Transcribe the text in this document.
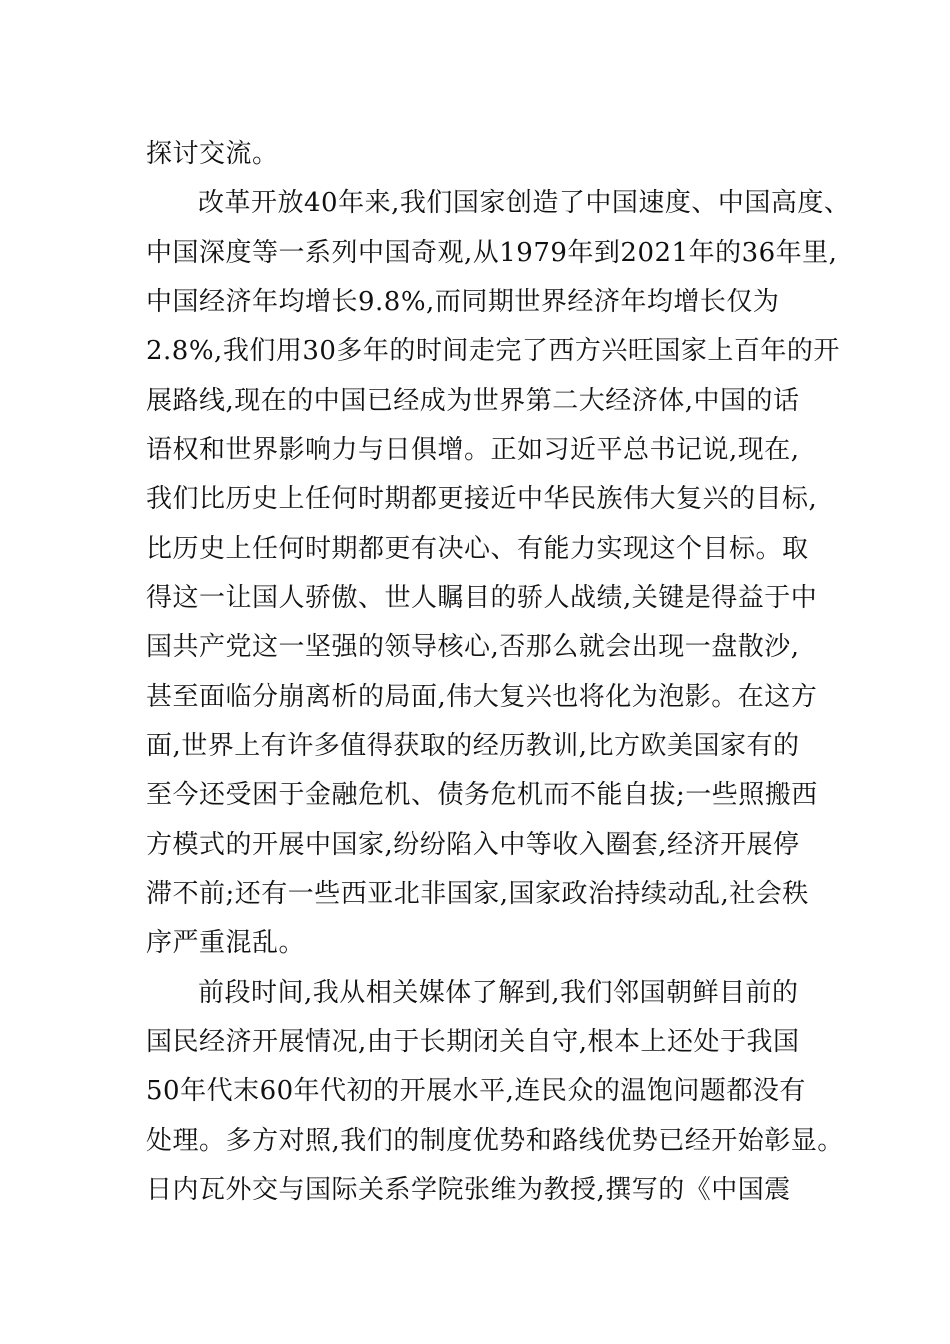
探讨交流。
改革开放40年来,我们国家创造了中国速度、中国高度、
中国深度等一系列中国奇观,从1979年到2021年的36年里,
中国经济年均增长9.8%,而同期世界经济年均增长仅为
2.8%,我们用30多年的时间走完了西方兴旺国家上百年的开
展路线,现在的中国已经成为世界第二大经济体,中国的话
语权和世界影响力与日俱增。正如习近平总书记说,现在,
我们比历史上任何时期都更接近中华民族伟大复兴的目标,
比历史上任何时期都更有决心、有能力实现这个目标。取
得这一让国人骄傲、世人瞩目的骄人战绩,关键是得益于中
国共产党这一坚强的领导核心,否那么就会出现一盘散沙,
甚至面临分崩离析的局面,伟大复兴也将化为泡影。在这方
面,世界上有许多值得获取的经历教训,比方欧美国家有的
至今还受困于金融危机、债务危机而不能自拔;一些照搬西
方模式的开展中国家,纷纷陷入中等收入圈套,经济开展停
滞不前;还有一些西亚北非国家,国家政治持续动乱,社会秩
序严重混乱。
前段时间,我从相关媒体了解到,我们邻国朝鲜目前的
国民经济开展情况,由于长期闭关自守,根本上还处于我国
50年代末60年代初的开展水平,连民众的温饱问题都没有
处理。多方对照,我们的制度优势和路线优势已经开始彰显。
日内瓦外交与国际关系学院张维为教授,撰写的《中国震
